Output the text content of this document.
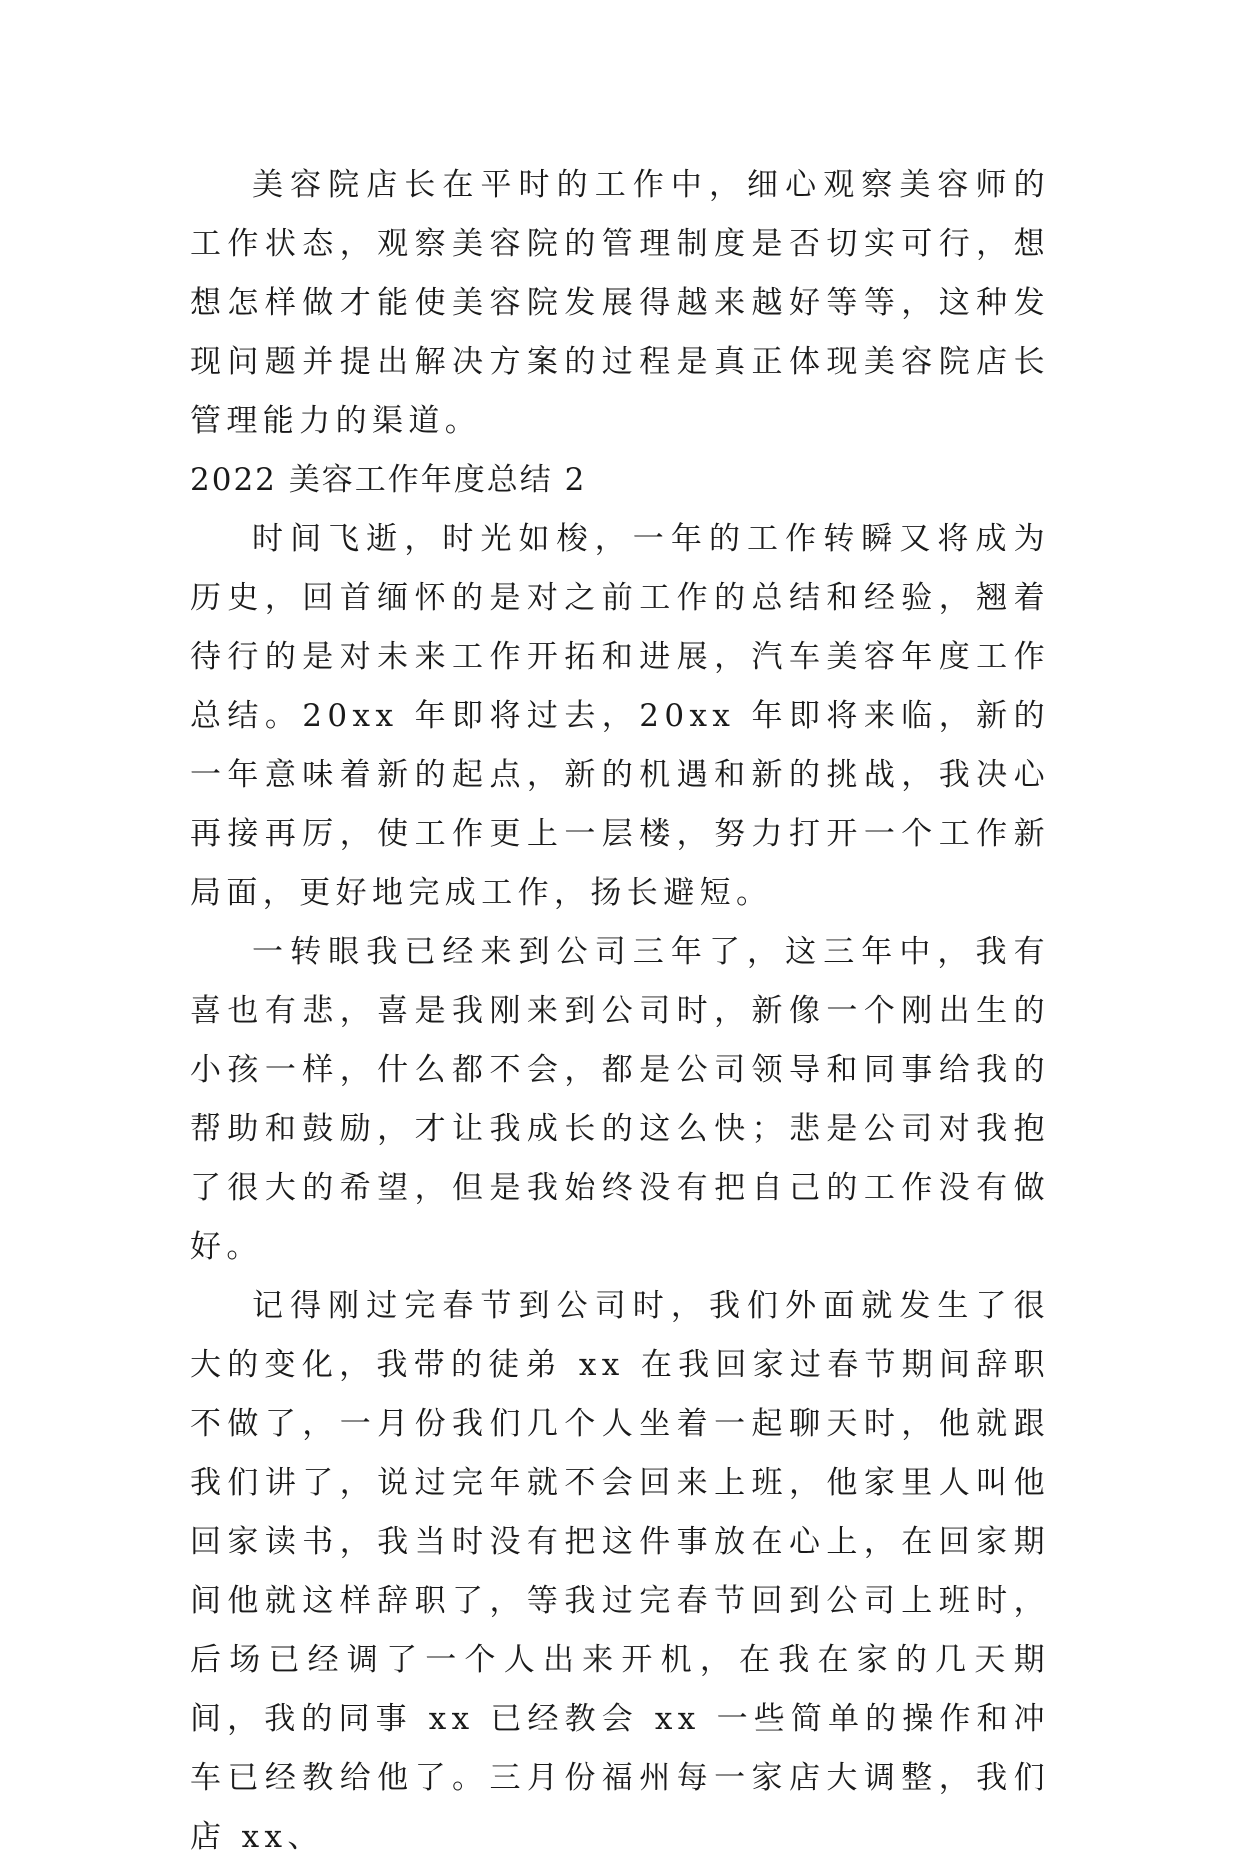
美容院店长在平时的工作中，细心观察美容师的工作状态，观察美容院的管理制度是否切实可行，想想怎样做才能使美容院发展得越来越好等等，这种发现问题并提出解决方案的过程是真正体现美容院店长管理能力的渠道。

2022 美容工作年度总结 2

时间飞逝，时光如梭，一年的工作转瞬又将成为历史，回首缅怀的是对之前工作的总结和经验，翘着待行的是对未来工作开拓和进展，汽车美容年度工作总结。20xx 年即将过去，20xx 年即将来临，新的一年意味着新的起点，新的机遇和新的挑战，我决心再接再厉，使工作更上一层楼，努力打开一个工作新局面，更好地完成工作，扬长避短。

一转眼我已经来到公司三年了，这三年中，我有喜也有悲，喜是我刚来到公司时，新像一个刚出生的小孩一样，什么都不会，都是公司领导和同事给我的帮助和鼓励，才让我成长的这么快；悲是公司对我抱了很大的希望，但是我始终没有把自己的工作没有做好。

记得刚过完春节到公司时，我们外面就发生了很大的变化，我带的徒弟 xx 在我回家过春节期间辞职不做了，一月份我们几个人坐着一起聊天时，他就跟我们讲了，说过完年就不会回来上班，他家里人叫他回家读书，我当时没有把这件事放在心上，在回家期间他就这样辞职了，等我过完春节回到公司上班时，后场已经调了一个人出来开机，在我在家的几天期间，我的同事 xx 已经教会 xx 一些简单的操作和冲车已经教给他了。三月份福州每一家店大调整，我们店 xx、
